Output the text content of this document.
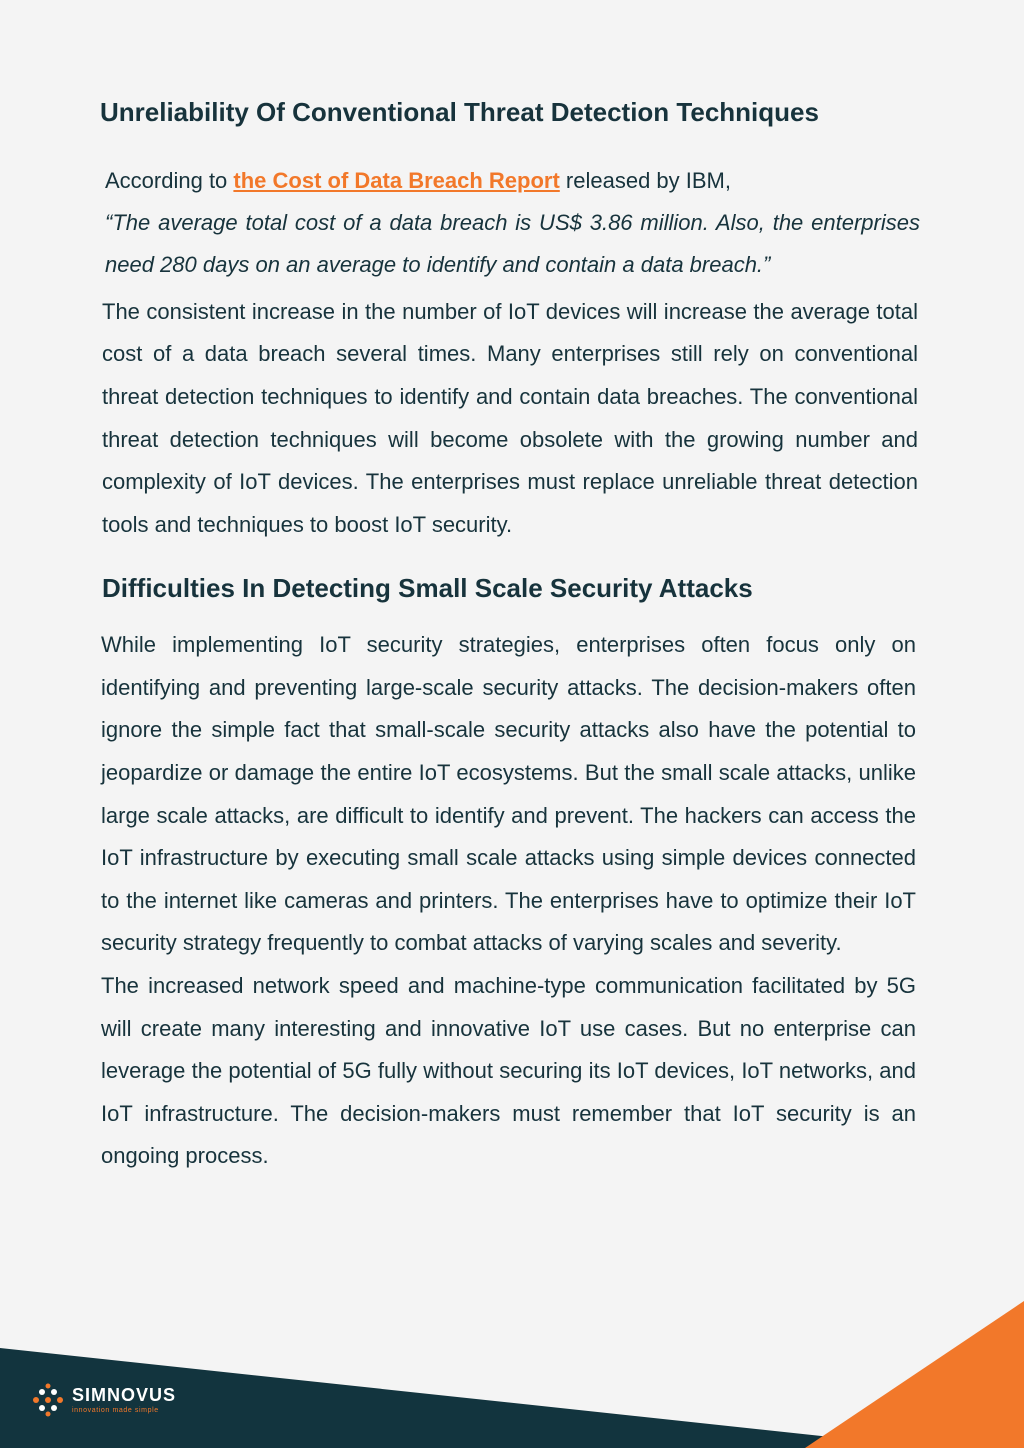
Unreliability Of Conventional Threat Detection Techniques
According to the Cost of Data Breach Report released by IBM,
“The average total cost of a data breach is US$ 3.86 million. Also, the enterprises need 280 days on an average to identify and contain a data breach.”

The consistent increase in the number of IoT devices will increase the average total cost of a data breach several times. Many enterprises still rely on conventional threat detection techniques to identify and contain data breaches. The conventional threat detection techniques will become obsolete with the growing number and complexity of IoT devices. The enterprises must replace unreliable threat detection tools and techniques to boost IoT security.

Difficulties In Detecting Small Scale Security Attacks

While implementing IoT security strategies, enterprises often focus only on identifying and preventing large-scale security attacks. The decision-makers often ignore the simple fact that small-scale security attacks also have the potential to jeopardize or damage the entire IoT ecosystems. But the small scale attacks, unlike large scale attacks, are difficult to identify and prevent. The hackers can access the IoT infrastructure by executing small scale attacks using simple devices connected to the internet like cameras and printers. The enterprises have to optimize their IoT security strategy frequently to combat attacks of varying scales and severity.

The increased network speed and machine-type communication facilitated by 5G will create many interesting and innovative IoT use cases. But no enterprise can leverage the potential of 5G fully without securing its IoT devices, IoT networks, and IoT infrastructure. The decision-makers must remember that IoT security is an ongoing process.

SIMNOVUS
innovation made simple
